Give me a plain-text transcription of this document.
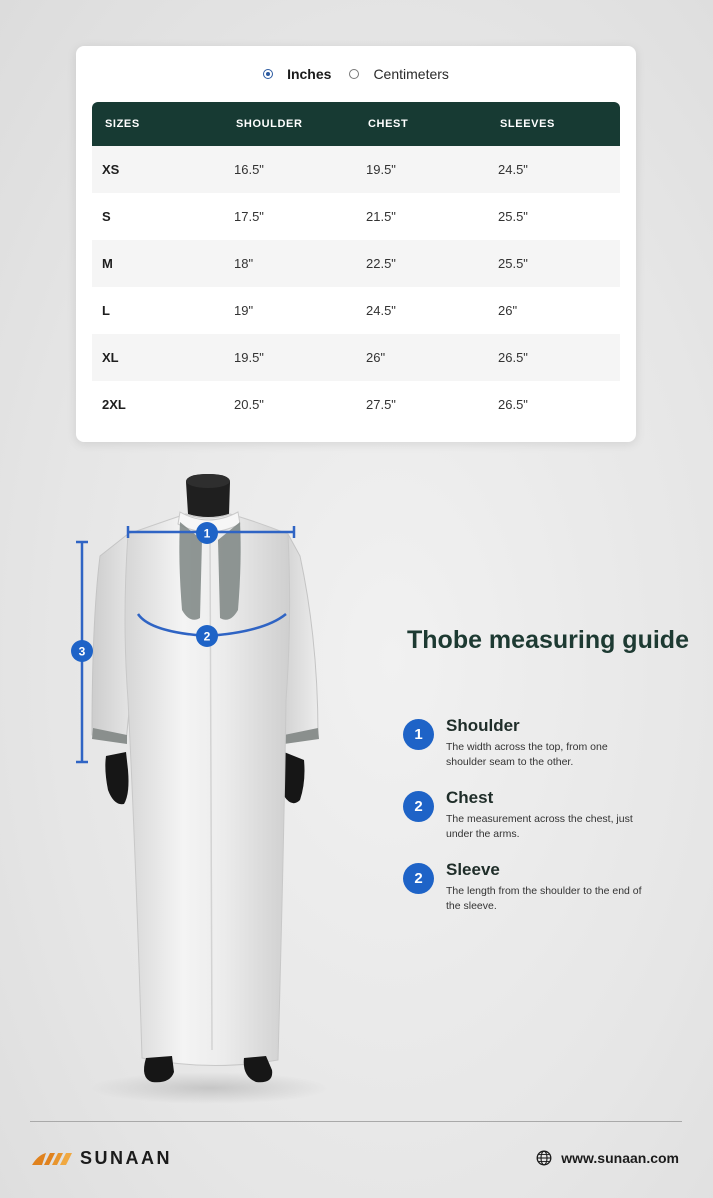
Inches	Centimeters
SIZES	SHOULDER	CHEST	SLEEVES
XS	16.5"	19.5"	24.5"
S	17.5"	21.5"	25.5"
M	18"	22.5"	25.5"
L	19"	24.5"	26"
XL	19.5"	26"	26.5"
2XL	20.5"	27.5"	26.5"
1
2
3	Thobe measuring guide
1	Shoulder
The width across the top, from one shoulder seam to the other.
2	Chest
The measurement across the chest, just under the arms.
2	Sleeve
The length from the shoulder to the end of the sleeve.
SUNAAN	www.sunaan.com
